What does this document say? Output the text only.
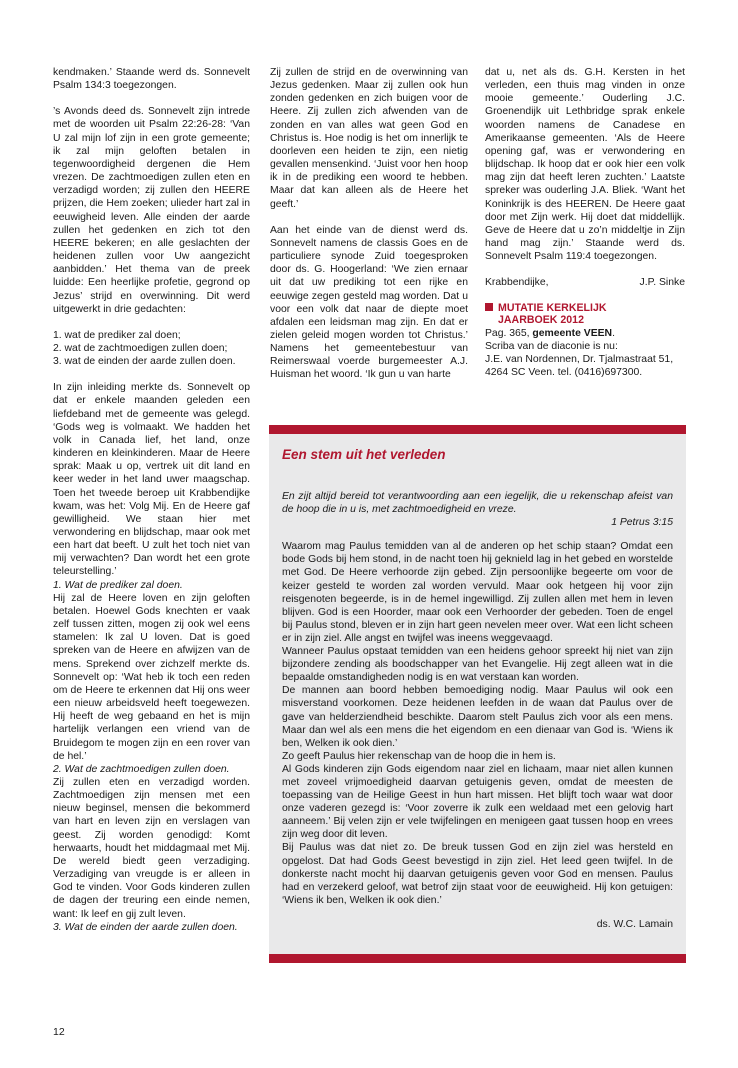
kendmaken.’ Staande werd ds. Sonnevelt Psalm 134:3 toegezongen.

’s Avonds deed ds. Sonnevelt zijn intrede met de woorden uit Psalm 22:26-28: ‘Van U zal mijn lof zijn in een grote gemeente; ik zal mijn geloften betalen in tegenwoordigheid dergenen die Hem vrezen. De zachtmoedigen zullen eten en verzadigd worden; zij zullen den HEERE prijzen, die Hem zoeken; ulieder hart zal in eeuwigheid leven. Alle einden der aarde zullen het gedenken en zich tot den HEERE bekeren; en alle geslachten der heidenen zullen voor Uw aangezicht aanbidden.’ Het thema van de preek luidde: Een heerlijke profetie, gegrond op Jezus’ strijd en overwinning. Dit werd uitgewerkt in drie gedachten:

1. wat de prediker zal doen;

2. wat de zachtmoedigen zullen doen;

3. wat de einden der aarde zullen doen.

In zijn inleiding merkte ds. Sonnevelt op dat er enkele maanden geleden een liefdeband met de gemeente was gelegd. ‘Gods weg is volmaakt. We hadden het volk in Canada lief, het land, onze kinderen en kleinkinderen. Maar de Heere sprak: Maak u op, vertrek uit dit land en keer weder in het land uwer maagschap. Toen het tweede beroep uit Krabbendijke kwam, was het: Volg Mij. En de Heere gaf gewilligheid. We staan hier met verwondering en blijdschap, maar ook met een hart dat beeft. U zult het toch niet van mij verwachten? Dan wordt het een grote teleurstelling.’

1. Wat de prediker zal doen.

Hij zal de Heere loven en zijn geloften betalen. Hoewel Gods knechten er vaak zelf tussen zitten, mogen zij ook wel eens stamelen: Ik zal U loven. Dat is goed spreken van de Heere en afwijzen van de mens. Sprekend over zichzelf merkte ds. Sonnevelt op: ‘Wat heb ik toch een reden om de Heere te erkennen dat Hij ons weer een nieuw arbeidsveld heeft toegewezen. Hij heeft de weg gebaand en het is mijn hartelijk verlangen een vriend van de Bruidegom te mogen zijn en een rover van de hel.’

2. Wat de zachtmoedigen zullen doen.

Zij zullen eten en verzadigd worden. Zachtmoedigen zijn mensen met een nieuw beginsel, mensen die bekommerd van hart en leven zijn en verslagen van geest. Zij worden genodigd: Komt herwaarts, houdt het middagmaal met Mij. De wereld biedt geen verzadiging. Verzadiging van vreugde is er alleen in God te vinden. Voor Gods kinderen zullen de dagen der treuring een einde nemen, want: Ik leef en gij zult leven.

3. Wat de einden der aarde zullen doen.

Zij zullen de strijd en de overwinning van Jezus gedenken. Maar zij zullen ook hun zonden gedenken en zich buigen voor de Heere. Zij zullen zich afwenden van de zonden en van alles wat geen God en Christus is. Hoe nodig is het om innerlijk te doorleven een heiden te zijn, een nietig gevallen mensenkind. ‘Juist voor hen hoop ik in de prediking een woord te hebben. Maar dat kan alleen als de Heere het geeft.’

Aan het einde van de dienst werd ds. Sonnevelt namens de classis Goes en de particuliere synode Zuid toegesproken door ds. G. Hoogerland: ‘We zien ernaar uit dat uw prediking tot een rijke en eeuwige zegen gesteld mag worden. Dat u voor een volk dat naar de diepte moet afdalen een leidsman mag zijn. En dat er zielen geleid mogen worden tot Christus.’ Namens het gemeentebestuur van Reimerswaal voerde burgemeester A.J. Huisman het woord. ‘Ik gun u van harte

dat u, net als ds. G.H. Kersten in het verleden, een thuis mag vinden in onze mooie gemeente.’ Ouderling J.C. Groenendijk uit Lethbridge sprak enkele woorden namens de Canadese en Amerikaanse gemeenten. ‘Als de Heere opening gaf, was er verwondering en blijdschap. Ik hoop dat er ook hier een volk mag zijn dat heeft leren zuchten.’ Laatste spreker was ouderling J.A. Bliek. ‘Want het Koninkrijk is des HEEREN. De Heere gaat door met Zijn werk. Hij doet dat middellijk. Geve de Heere dat u zo’n middeltje in Zijn hand mag zijn.’ Staande werd ds. Sonnevelt Psalm 119:4 toegezongen.

Krabbendijke,	J.P. Sinke
MUTATIE KERKELIJK
JAARBOEK 2012

Pag. 365, gemeente VEEN.

Scriba van de diaconie is nu:

J.E. van Nordennen, Dr. Tjalmastraat 51,

4264 SC Veen. tel. (0416)697300.

Een stem uit het verleden

En zijt altijd bereid tot verantwoording aan een iegelijk, die u rekenschap afeist van de hoop die in u is, met zachtmoedigheid en vreze.

1 Petrus 3:15

Waarom mag Paulus temidden van al de anderen op het schip staan? Omdat een bode Gods bij hem stond, in de nacht toen hij geknield lag in het gebed en worstelde met God. De Heere verhoorde zijn gebed. Zijn persoonlijke begeerte om voor de keizer gesteld te worden zal worden vervuld. Maar ook hetgeen hij voor zijn reisgenoten begeerde, is in de hemel ingewilligd. Zij zullen allen met hem in leven blijven. God is een Hoorder, maar ook een Verhoorder der gebeden. Toen de engel bij Paulus stond, bleven er in zijn hart geen nevelen meer over. Wat een licht scheen er in zijn ziel. Alle angst en twijfel was ineens weggevaagd.

Wanneer Paulus opstaat temidden van een heidens gehoor spreekt hij niet van zijn bijzondere zending als boodschapper van het Evangelie. Hij zegt alleen wat in die bepaalde omstandigheden nodig is en wat verstaan kan worden.

De mannen aan boord hebben bemoediging nodig. Maar Paulus wil ook een misverstand voorkomen. Deze heidenen leefden in de waan dat Paulus over de gave van helderziendheid beschikte. Daarom stelt Paulus zich voor als een mens. Maar dan wel als een mens die het eigendom en een dienaar van God is. ‘Wiens ik ben, Welken ik ook dien.’

Zo geeft Paulus hier rekenschap van de hoop die in hem is.

Al Gods kinderen zijn Gods eigendom naar ziel en lichaam, maar niet allen kunnen met zoveel vrijmoedigheid daarvan getuigenis geven, omdat de meesten de toepassing van de Heilige Geest in hun hart missen. Het blijft toch waar wat door onze vaderen gezegd is: ‘Voor zoverre ik zulk een weldaad met een gelovig hart aanneem.’ Bij velen zijn er vele twijfelingen en menigeen gaat tussen hoop en vrees zijn weg door dit leven.

Bij Paulus was dat niet zo. De breuk tussen God en zijn ziel was hersteld en opgelost. Dat had Gods Geest bevestigd in zijn ziel. Het leed geen twijfel. In de donkerste nacht mocht hij daarvan getuigenis geven voor God en mensen. Paulus had en verzekerd geloof, wat betrof zijn staat voor de eeuwigheid. Hij kon getuigen: ‘Wiens ik ben, Welken ik ook dien.’

ds. W.C. Lamain

12
